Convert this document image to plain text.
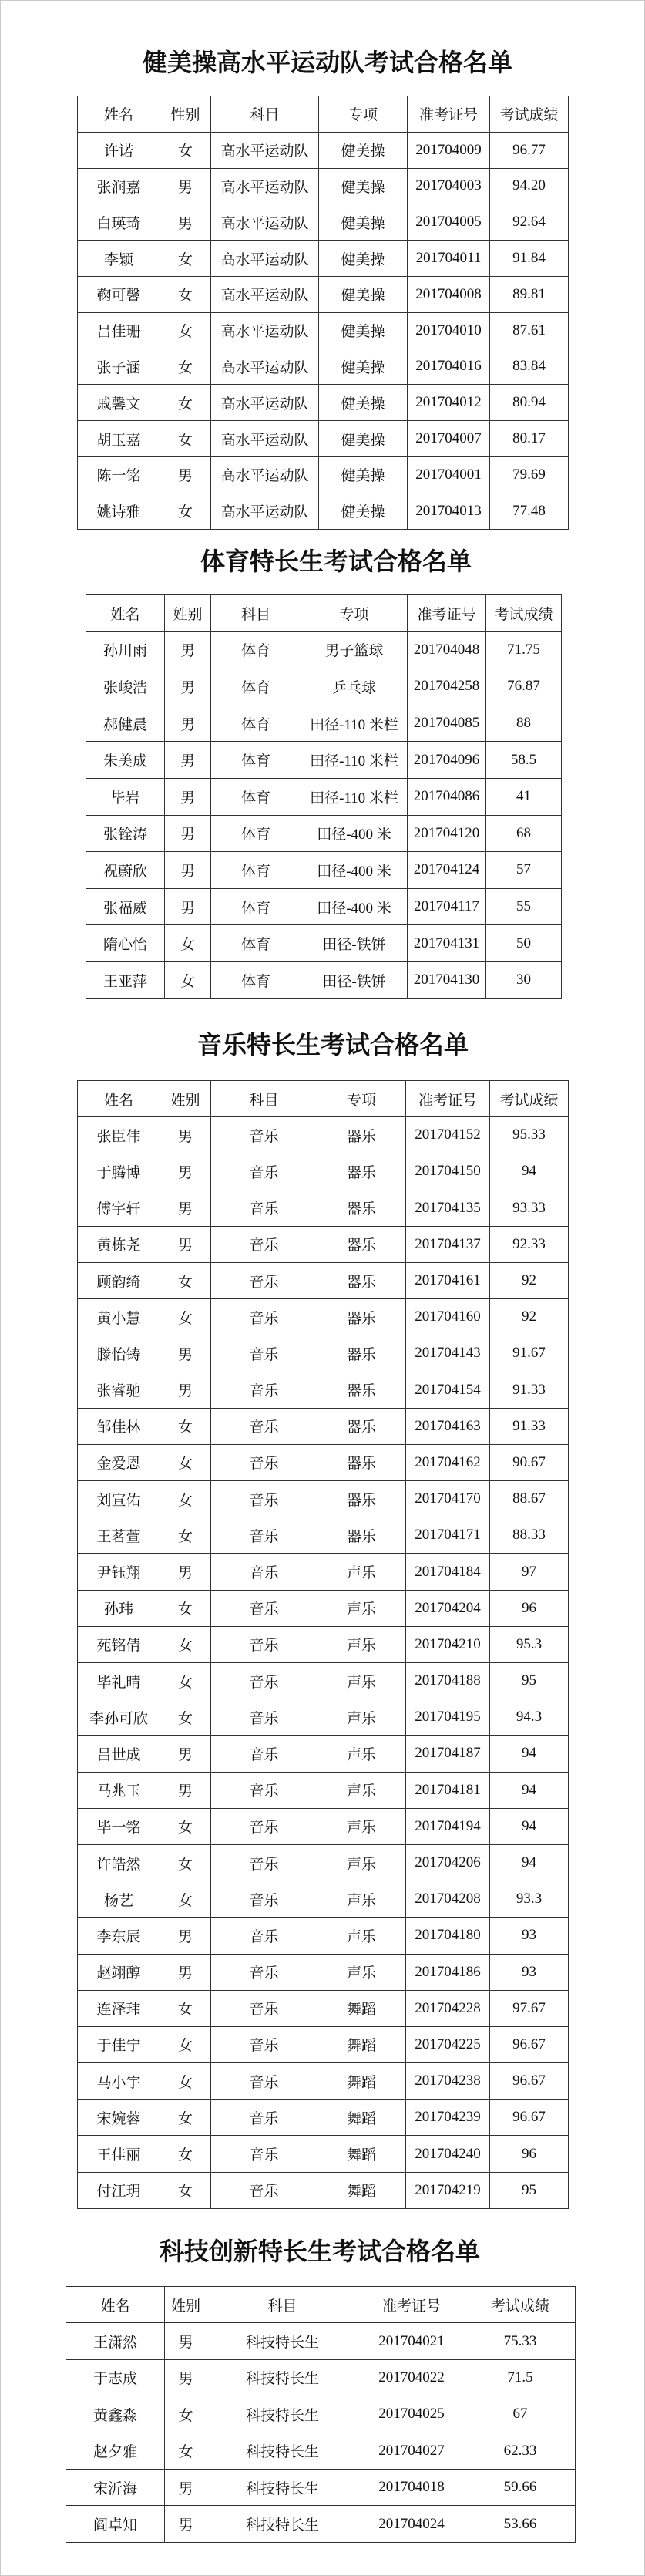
健美操高水平运动队考试合格名单
姓名	性别	科目	专项	准考证号	考试成绩
许诺	女	高水平运动队	健美操	201704009	96.77
张润嘉	男	高水平运动队	健美操	201704003	94.20
白瑛琦	男	高水平运动队	健美操	201704005	92.64
李颖	女	高水平运动队	健美操	201704011	91.84
鞠可馨	女	高水平运动队	健美操	201704008	89.81
吕佳珊	女	高水平运动队	健美操	201704010	87.61
张子涵	女	高水平运动队	健美操	201704016	83.84
戚馨文	女	高水平运动队	健美操	201704012	80.94
胡玉嘉	女	高水平运动队	健美操	201704007	80.17
陈一铭	男	高水平运动队	健美操	201704001	79.69
姚诗雅	女	高水平运动队	健美操	201704013	77.48
体育特长生考试合格名单
姓名	姓别	科目	专项	准考证号	考试成绩
孙川雨	男	体育	男子篮球	201704048	71.75
张峻浩	男	体育	乒乓球	201704258	76.87
郝健晨	男	体育	田径-110 米栏	201704085	88
朱美成	男	体育	田径-110 米栏	201704096	58.5
毕岩	男	体育	田径-110 米栏	201704086	41
张铨涛	男	体育	田径-400 米	201704120	68
祝蔚欣	男	体育	田径-400 米	201704124	57
张福威	男	体育	田径-400 米	201704117	55
隋心怡	女	体育	田径-铁饼	201704131	50
王亚萍	女	体育	田径-铁饼	201704130	30
音乐特长生考试合格名单
姓名	姓别	科目	专项	准考证号	考试成绩
张臣伟	男	音乐	器乐	201704152	95.33
于腾博	男	音乐	器乐	201704150	94
傅宇轩	男	音乐	器乐	201704135	93.33
黄栋尧	男	音乐	器乐	201704137	92.33
顾韵绮	女	音乐	器乐	201704161	92
黄小慧	女	音乐	器乐	201704160	92
滕怡铸	男	音乐	器乐	201704143	91.67
张睿驰	男	音乐	器乐	201704154	91.33
邹佳林	女	音乐	器乐	201704163	91.33
金爱恩	女	音乐	器乐	201704162	90.67
刘宣佑	女	音乐	器乐	201704170	88.67
王茗萱	女	音乐	器乐	201704171	88.33
尹钰翔	男	音乐	声乐	201704184	97
孙玮	女	音乐	声乐	201704204	96
苑铭倩	女	音乐	声乐	201704210	95.3
毕礼晴	女	音乐	声乐	201704188	95
李孙可欣	女	音乐	声乐	201704195	94.3
吕世成	男	音乐	声乐	201704187	94
马兆玉	男	音乐	声乐	201704181	94
毕一铭	女	音乐	声乐	201704194	94
许皓然	女	音乐	声乐	201704206	94
杨艺	女	音乐	声乐	201704208	93.3
李东辰	男	音乐	声乐	201704180	93
赵翊醇	男	音乐	声乐	201704186	93
连泽玮	女	音乐	舞蹈	201704228	97.67
于佳宁	女	音乐	舞蹈	201704225	96.67
马小宇	女	音乐	舞蹈	201704238	96.67
宋婉蓉	女	音乐	舞蹈	201704239	96.67
王佳丽	女	音乐	舞蹈	201704240	96
付江玥	女	音乐	舞蹈	201704219	95
科技创新特长生考试合格名单
姓名	姓别	科目	准考证号	考试成绩
王潇然	男	科技特长生	201704021	75.33
于志成	男	科技特长生	201704022	71.5
黄鑫淼	女	科技特长生	201704025	67
赵夕雅	女	科技特长生	201704027	62.33
宋沂海	男	科技特长生	201704018	59.66
阎卓知	男	科技特长生	201704024	53.66
